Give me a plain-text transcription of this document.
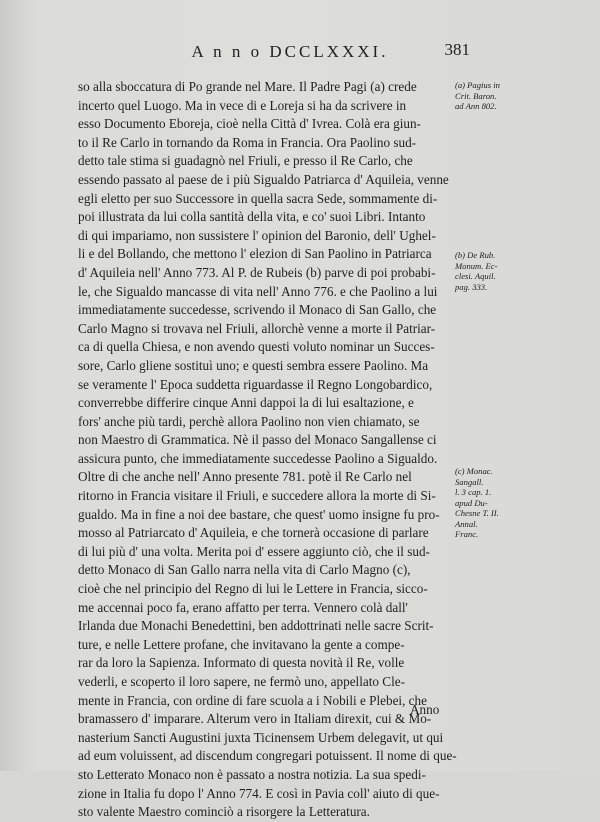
A n n o DCCLXXXI.	381
so alla sboccatura di Po grande nel Mare. Il Padre Pagi (a) crede
incerto quel Luogo. Ma in vece di e Loreja si ha da scrivere in
esso Documento Eboreja, cioè nella Città d' Ivrea. Colà era giun-
to il Re Carlo in tornando da Roma in Francia. Ora Paolino sud-
detto tale stima si guadagnò nel Friuli, e presso il Re Carlo, che
essendo passato al paese de i più Sigualdo Patriarca d' Aquileia, venne
egli eletto per suo Successore in quella sacra Sede, sommamente di-
poi illustrata da lui colla santità della vita, e co' suoi Libri. Intanto
di qui impariamo, non sussistere l' opinion del Baronio, dell' Ughel-
li e del Bollando, che mettono l' elezion di San Paolino in Patriarca
d' Aquileia nell' Anno 773. Al P. de Rubeis (b) parve di poi probabi-
le, che Sigualdo mancasse di vita nell' Anno 776. e che Paolino a lui
immediatamente succedesse, scrivendo il Monaco di San Gallo, che
Carlo Magno si trovava nel Friuli, allorchè venne a morte il Patriar-
ca di quella Chiesa, e non avendo questi voluto nominar un Succes-
sore, Carlo gliene sostituì uno; e questi sembra essere Paolino. Ma
se veramente l' Epoca suddetta riguardasse il Regno Longobardico,
converrebbe differire cinque Anni dappoi la di lui esaltazione, e
fors' anche più tardi, perchè allora Paolino non vien chiamato, se
non Maestro di Grammatica. Nè il passo del Monaco Sangallense ci
assicura punto, che immediatamente succedesse Paolino a Sigualdo.
Oltre di che anche nell' Anno presente 781. potè il Re Carlo nel
ritorno in Francia visitare il Friuli, e succedere allora la morte di Si-
gualdo. Ma in fine a noi dee bastare, che quest' uomo insigne fu pro-
mosso al Patriarcato d' Aquileia, e che tornerà occasione di parlare
di lui più d' una volta. Merita poi d' essere aggiunto ciò, che il sud-
detto Monaco di San Gallo narra nella vita di Carlo Magno (c),
cioè che nel principio del Regno di lui le Lettere in Francia, sicco-
me accennai poco fa, erano affatto per terra. Vennero colà dall'
Irlanda due Monachi Benedettini, ben addottrinati nelle sacre Scrit-
ture, e nelle Lettere profane, che invitavano la gente a compe-
rar da loro la Sapienza. Informato di questa novità il Re, volle
vederli, e scoperto il loro sapere, ne fermò uno, appellato Cle-
mente in Francia, con ordine di fare scuola a i Nobili e Plebei, che
bramassero d' imparare. Alterum vero in Italiam direxit, cui & Mo-
nasterium Sancti Augustini juxta Ticinensem Urbem delegavit, ut qui
ad eum voluissent, ad discendum congregari potuissent. Il nome di que-
sto Letterato Monaco non è passato a nostra notizia. La sua spedi-
zione in Italia fu dopo l' Anno 774. E così in Pavia coll' aiuto di que-
sto valente Maestro cominciò a risorgere la Letteratura.
Anno
(a) Pagius in
Crit. Baron.
ad Ann 802.
(b) De Rub.
Monum. Ec-
clesi. Aquil.
pag. 333.
(c) Monac.
Sangall.
l. 3 cap. 1.
apud Du-
Chesne T. II.
Annal.
Franc.
